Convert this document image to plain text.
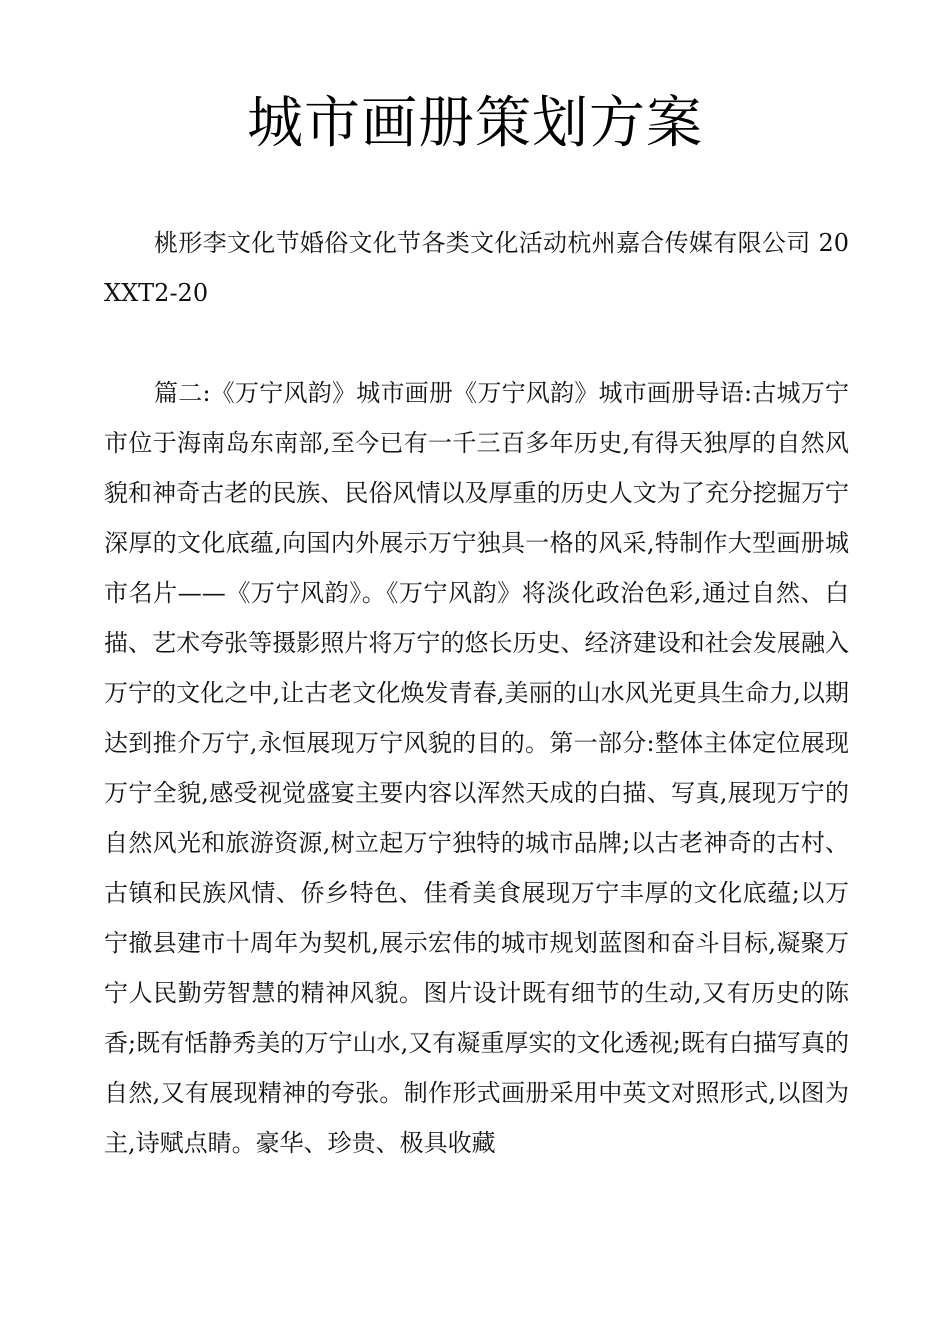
城市画册策划方案

桃形李文化节婚俗文化节各类文化活动杭州嘉合传媒有限公司 20XXT2-20

篇二:《万宁风韵》城市画册《万宁风韵》城市画册导语:古城万宁市位于海南岛东南部,至今已有一千三百多年历史,有得天独厚的自然风貌和神奇古老的民族、民俗风情以及厚重的历史人文为了充分挖掘万宁深厚的文化底蕴,向国内外展示万宁独具一格的风采,特制作大型画册城市名片——《万宁风韵》。《万宁风韵》将淡化政治色彩,通过自然、白描、艺术夸张等摄影照片将万宁的悠长历史、经济建设和社会发展融入万宁的文化之中,让古老文化焕发青春,美丽的山水风光更具生命力,以期达到推介万宁,永恒展现万宁风貌的目的。第一部分:整体主体定位展现万宁全貌,感受视觉盛宴主要内容以浑然天成的白描、写真,展现万宁的自然风光和旅游资源,树立起万宁独特的城市品牌;以古老神奇的古村、古镇和民族风情、侨乡特色、佳肴美食展现万宁丰厚的文化底蕴;以万宁撤县建市十周年为契机,展示宏伟的城市规划蓝图和奋斗目标,凝聚万宁人民勤劳智慧的精神风貌。图片设计既有细节的生动,又有历史的陈香;既有恬静秀美的万宁山水,又有凝重厚实的文化透视;既有白描写真的自然,又有展现精神的夸张。制作形式画册采用中英文对照形式,以图为主,诗赋点睛。豪华、珍贵、极具收藏
